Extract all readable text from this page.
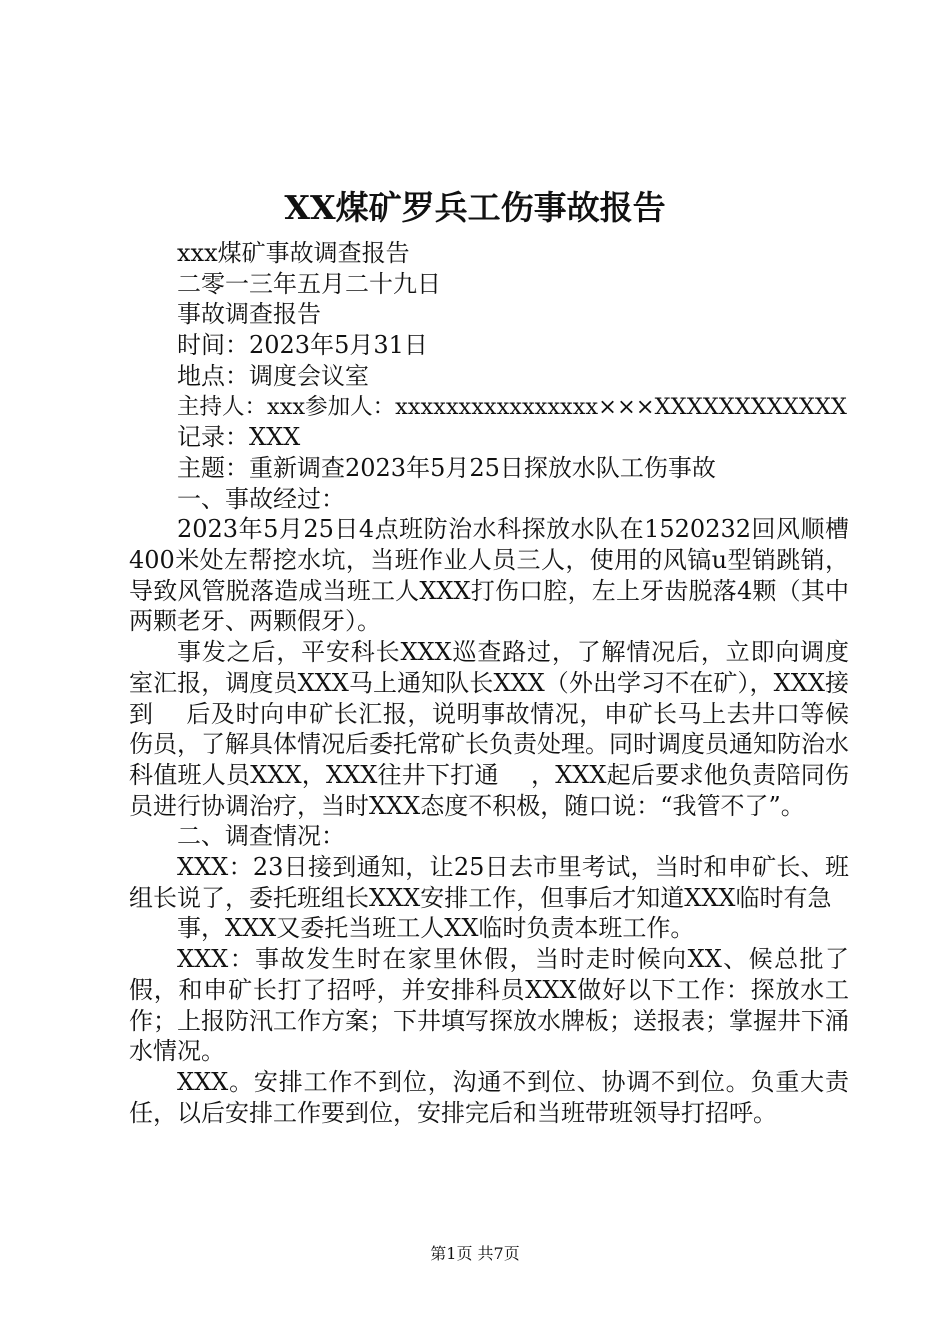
XX煤矿罗兵工伤事故报告

xxx煤矿事故调查报告

二零一三年五月二十九日

事故调查报告

时间：2023年5月31日

地点：调度会议室

主持人：xxx参加人：xxxxxxxxxxxxxxxx×××XXXXXXXXXXXX

记录：XXX

主题：重新调查2023年5月25日探放水队工伤事故

一、事故经过：

2023年5月25日4点班防治水科探放水队在1520232回风顺槽400米处左帮挖水坑，当班作业人员三人，使用的风镐u型销跳销，导致风管脱落造成当班工人XXX打伤口腔，左上牙齿脱落4颗（其中两颗老牙、两颗假牙）。

事发之后，平安科长XXX巡查路过，了解情况后，立即向调度室汇报，调度员XXX马上通知队长XXX（外出学习不在矿），XXX接到　 后及时向申矿长汇报，说明事故情况，申矿长马上去井口等候伤员，了解具体情况后委托常矿长负责处理。同时调度员通知防治水科值班人员XXX，XXX往井下打通　 ，XXX起后要求他负责陪同伤员进行协调治疗，当时XXX态度不积极，随口说：“我管不了”。

二、调查情况：

XXX：23日接到通知，让25日去市里考试，当时和申矿长、班组长说了，委托班组长XXX安排工作，但事后才知道XXX临时有急

事，XXX又委托当班工人XX临时负责本班工作。

XXX：事故发生时在家里休假，当时走时候向XX、候总批了假，和申矿长打了招呼，并安排科员XXX做好以下工作：探放水工作；上报防汛工作方案；下井填写探放水牌板；送报表；掌握井下涌水情况。

XXX。安排工作不到位，沟通不到位、协调不到位。负重大责任，以后安排工作要到位，安排完后和当班带班领导打招呼。

第1页 共7页
